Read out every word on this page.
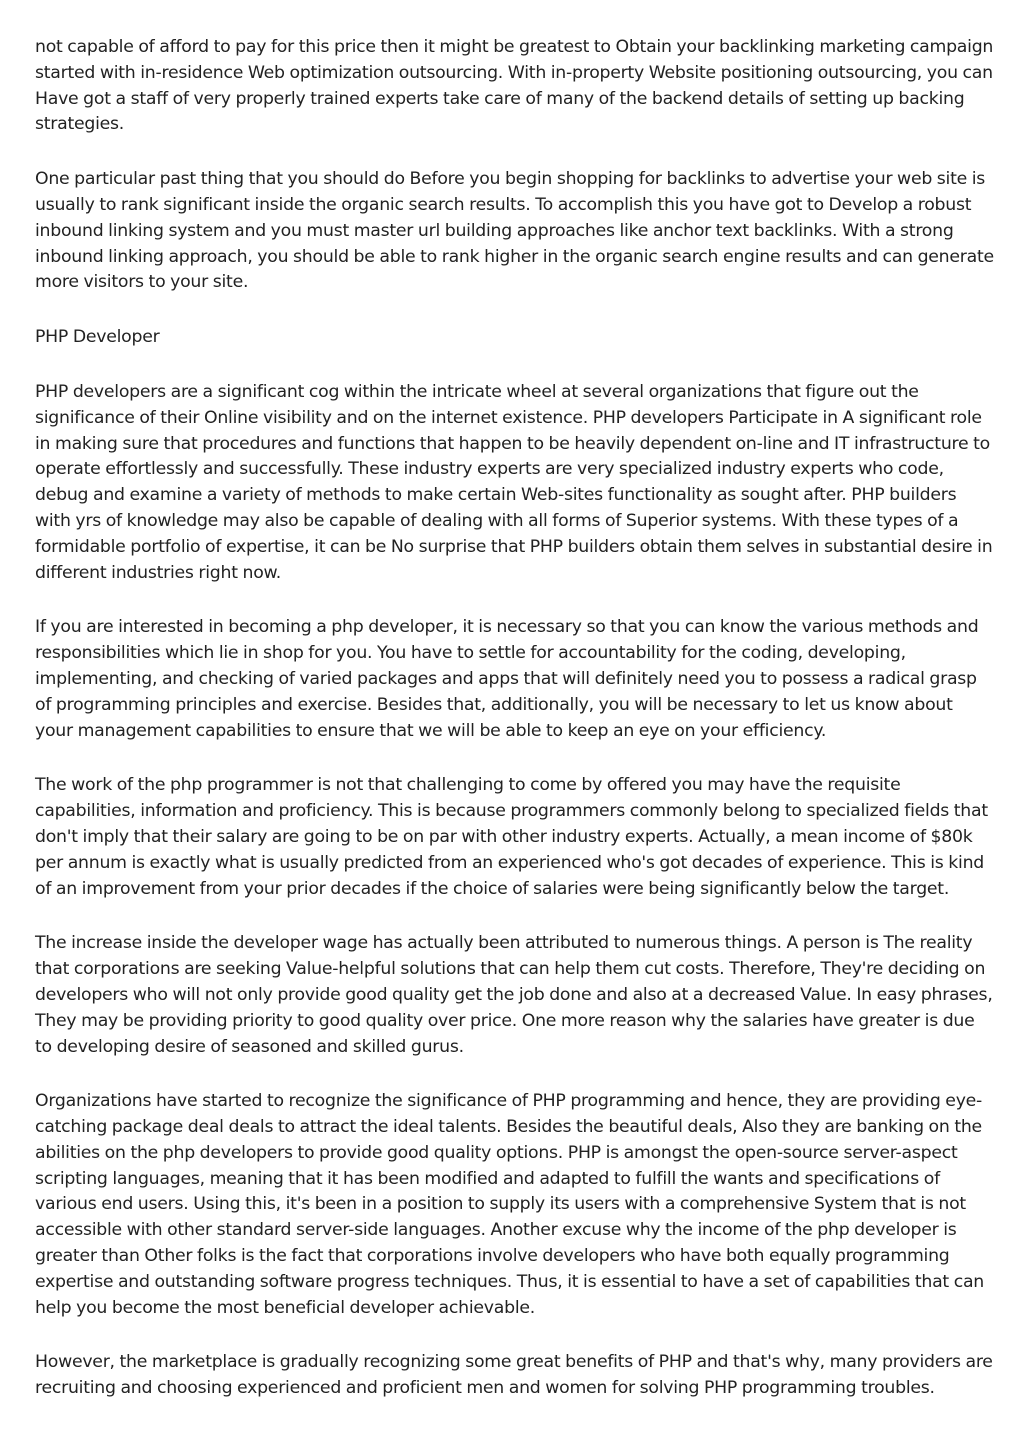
not capable of afford to pay for this price then it might be greatest to Obtain your backlinking marketing campaign started with in-residence Web optimization outsourcing. With in-property Website positioning outsourcing, you can Have got a staff of very properly trained experts take care of many of the backend details of setting up backing strategies.

One particular past thing that you should do Before you begin shopping for backlinks to advertise your web site is usually to rank significant inside the organic search results. To accomplish this you have got to Develop a robust inbound linking system and you must master url building approaches like anchor text backlinks. With a strong inbound linking approach, you should be able to rank higher in the organic search engine results and can generate more visitors to your site.

PHP Developer

PHP developers are a significant cog within the intricate wheel at several organizations that figure out the significance of their Online visibility and on the internet existence. PHP developers Participate in A significant role in making sure that procedures and functions that happen to be heavily dependent on-line and IT infrastructure to operate effortlessly and successfully. These industry experts are very specialized industry experts who code, debug and examine a variety of methods to make certain Web-sites functionality as sought after. PHP builders with yrs of knowledge may also be capable of dealing with all forms of Superior systems. With these types of a formidable portfolio of expertise, it can be No surprise that PHP builders obtain them selves in substantial desire in different industries right now.

If you are interested in becoming a php developer, it is necessary so that you can know the various methods and responsibilities which lie in shop for you. You have to settle for accountability for the coding, developing, implementing, and checking of varied packages and apps that will definitely need you to possess a radical grasp of programming principles and exercise. Besides that, additionally, you will be necessary to let us know about your management capabilities to ensure that we will be able to keep an eye on your efficiency.

The work of the php programmer is not that challenging to come by offered you may have the requisite capabilities, information and proficiency. This is because programmers commonly belong to specialized fields that don't imply that their salary are going to be on par with other industry experts. Actually, a mean income of $80k per annum is exactly what is usually predicted from an experienced who's got decades of experience. This is kind of an improvement from your prior decades if the choice of salaries were being significantly below the target.

The increase inside the developer wage has actually been attributed to numerous things. A person is The reality that corporations are seeking Value-helpful solutions that can help them cut costs. Therefore, They're deciding on developers who will not only provide good quality get the job done and also at a decreased Value. In easy phrases, They may be providing priority to good quality over price. One more reason why the salaries have greater is due to developing desire of seasoned and skilled gurus.

Organizations have started to recognize the significance of PHP programming and hence, they are providing eye-catching package deal deals to attract the ideal talents. Besides the beautiful deals, Also they are banking on the abilities on the php developers to provide good quality options. PHP is amongst the open-source server-aspect scripting languages, meaning that it has been modified and adapted to fulfill the wants and specifications of various end users. Using this, it's been in a position to supply its users with a comprehensive System that is not accessible with other standard server-side languages. Another excuse why the income of the php developer is greater than Other folks is the fact that corporations involve developers who have both equally programming expertise and outstanding software progress techniques. Thus, it is essential to have a set of capabilities that can help you become the most beneficial developer achievable.

However, the marketplace is gradually recognizing some great benefits of PHP and that's why, many providers are recruiting and choosing experienced and proficient men and women for solving PHP programming troubles.
